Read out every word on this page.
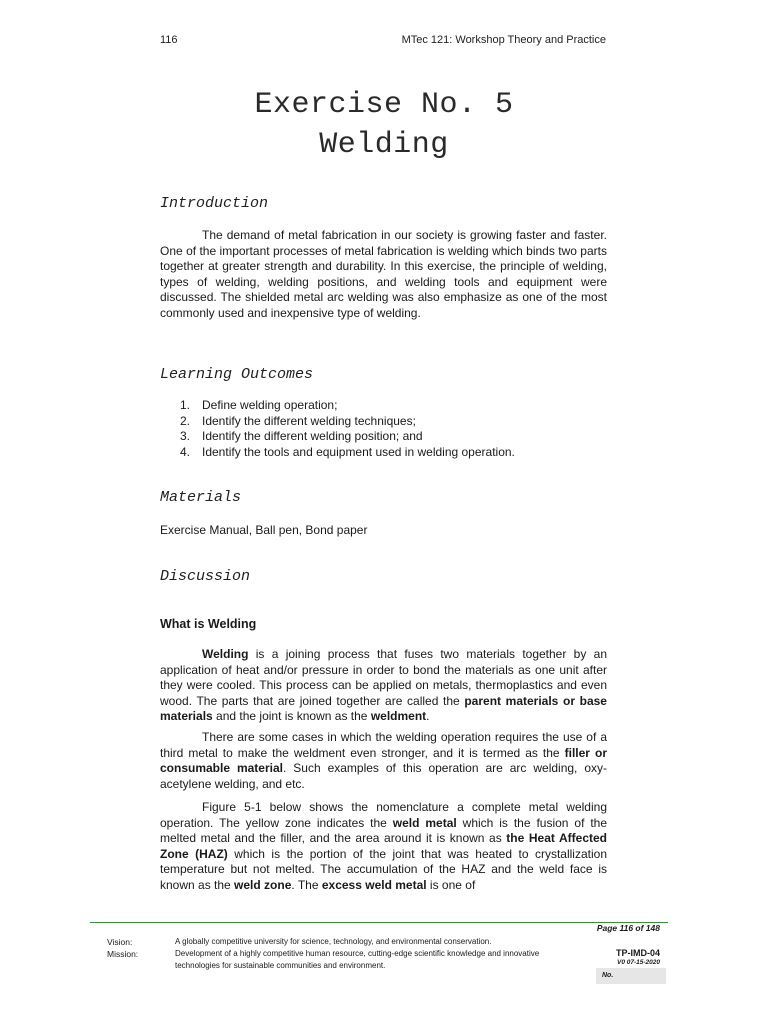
116	MTec 121: Workshop Theory and Practice
Exercise No. 5
Welding
Introduction
The demand of metal fabrication in our society is growing faster and faster. One of the important processes of metal fabrication is welding which binds two parts together at greater strength and durability. In this exercise, the principle of welding, types of welding, welding positions, and welding tools and equipment were discussed. The shielded metal arc welding was also emphasize as one of the most commonly used and inexpensive type of welding.
Learning Outcomes
1. Define welding operation;
2. Identify the different welding techniques;
3. Identify the different welding position; and
4. Identify the tools and equipment used in welding operation.
Materials
Exercise Manual, Ball pen, Bond paper
Discussion
What is Welding
Welding is a joining process that fuses two materials together by an application of heat and/or pressure in order to bond the materials as one unit after they were cooled. This process can be applied on metals, thermoplastics and even wood. The parts that are joined together are called the parent materials or base materials and the joint is known as the weldment.
There are some cases in which the welding operation requires the use of a third metal to make the weldment even stronger, and it is termed as the filler or consumable material. Such examples of this operation are arc welding, oxy-acetylene welding, and etc.
Figure 5-1 below shows the nomenclature a complete metal welding operation. The yellow zone indicates the weld metal which is the fusion of the melted metal and the filler, and the area around it is known as the Heat Affected Zone (HAZ) which is the portion of the joint that was heated to crystallization temperature but not melted. The accumulation of the HAZ and the weld face is known as the weld zone. The excess weld metal is one of
Page 116 of 148
Vision:	A globally competitive university for science, technology, and environmental conservation.
Mission:	Development of a highly competitive human resource, cutting-edge scientific knowledge and innovative technologies for sustainable communities and environment.
TP-IMD-04
V0 07-15-2020
No.
